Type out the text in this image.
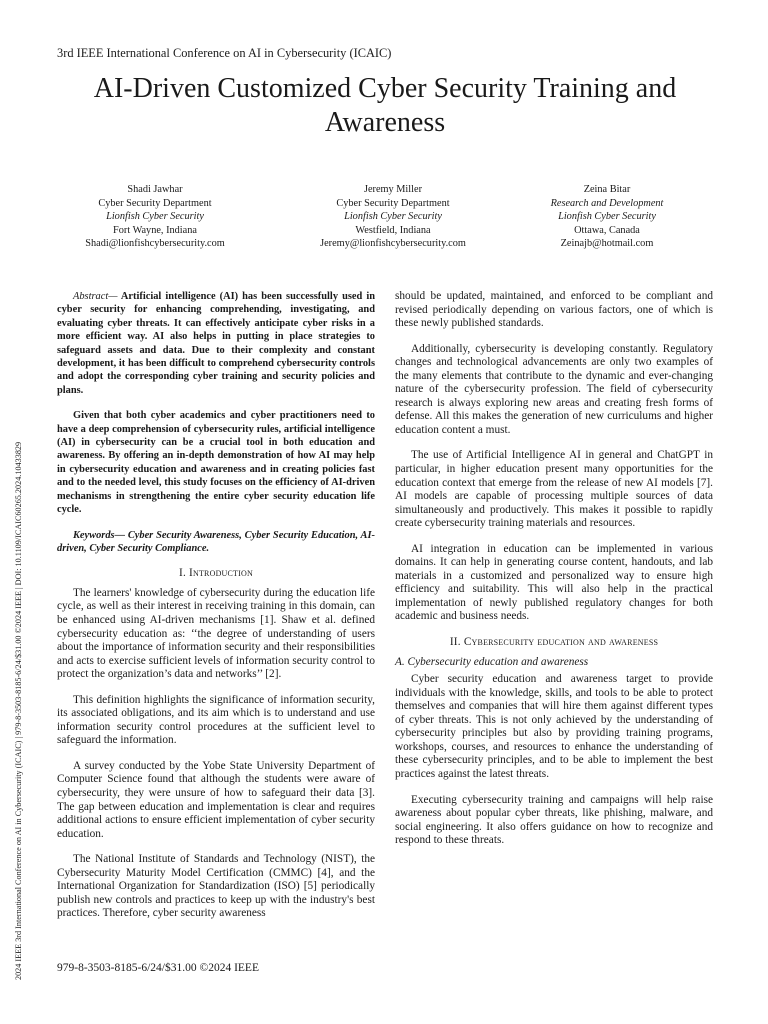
3rd IEEE International Conference on AI in Cybersecurity (ICAIC)
AI-Driven Customized Cyber Security Training and Awareness
2024 IEEE 3rd International Conference on AI in Cybersecurity (ICAIC) | 979-8-3503-8185-6/24/$31.00 ©2024 IEEE | DOI: 10.1109/ICAIC60265.2024.10433829
Shadi Jawhar
Cyber Security Department
Lionfish Cyber Security
Fort Wayne, Indiana
Shadi@lionfishcybersecurity.com
Jeremy Miller
Cyber Security Department
Lionfish Cyber Security
Westfield, Indiana
Jeremy@lionfishcybersecurity.com
Zeina Bitar
Research and Development
Lionfish Cyber Security
Ottawa, Canada
Zeinajb@hotmail.com

Abstract— Artificial intelligence (AI) has been successfully used in cyber security for enhancing comprehending, investigating, and evaluating cyber threats. It can effectively anticipate cyber risks in a more efficient way. AI also helps in putting in place strategies to safeguard assets and data. Due to their complexity and constant development, it has been difficult to comprehend cybersecurity controls and adopt the corresponding cyber training and security policies and plans.

Given that both cyber academics and cyber practitioners need to have a deep comprehension of cybersecurity rules, artificial intelligence (AI) in cybersecurity can be a crucial tool in both education and awareness. By offering an in-depth demonstration of how AI may help in cybersecurity education and awareness and in creating policies fast and to the needed level, this study focuses on the efficiency of AI-driven mechanisms in strengthening the entire cyber security education life cycle.

Keywords— Cyber Security Awareness, Cyber Security Education, AI-driven, Cyber Security Compliance.

I. Introduction

The learners' knowledge of cybersecurity during the education life cycle, as well as their interest in receiving training in this domain, can be enhanced using AI-driven mechanisms [1]. Shaw et al. defined cybersecurity education as: ‘‘the degree of understanding of users about the importance of information security and their responsibilities and acts to exercise sufficient levels of information security control to protect the organization’s data and networks’’ [2].

This definition highlights the significance of information security, its associated obligations, and its aim which is to understand and use information security control procedures at the sufficient level to safeguard the information.

A survey conducted by the Yobe State University Department of Computer Science found that although the students were aware of cybersecurity, they were unsure of how to safeguard their data [3]. The gap between education and implementation is clear and requires additional actions to ensure efficient implementation of cyber security education.

The National Institute of Standards and Technology (NIST), the Cybersecurity Maturity Model Certification (CMMC) [4], and the International Organization for Standardization (ISO) [5] periodically publish new controls and practices to keep up with the industry's best practices. Therefore, cyber security awareness

should be updated, maintained, and enforced to be compliant and revised periodically depending on various factors, one of which is these newly published standards.

Additionally, cybersecurity is developing constantly. Regulatory changes and technological advancements are only two examples of the many elements that contribute to the dynamic and ever-changing nature of the cybersecurity profession. The field of cybersecurity research is always exploring new areas and creating fresh forms of defense. All this makes the generation of new curriculums and higher education content a must.

The use of Artificial Intelligence AI in general and ChatGPT in particular, in higher education present many opportunities for the education context that emerge from the release of new AI models [7]. AI models are capable of processing multiple sources of data simultaneously and productively. This makes it possible to rapidly create cybersecurity training materials and resources.

AI integration in education can be implemented in various domains. It can help in generating course content, handouts, and lab materials in a customized and personalized way to ensure high efficiency and suitability. This will also help in the practical implementation of newly published regulatory changes for both academic and business needs.

II. Cybersecurity education and awareness
A. Cybersecurity education and awareness

Cyber security education and awareness target to provide individuals with the knowledge, skills, and tools to be able to protect themselves and companies that will hire them against different types of cyber threats. This is not only achieved by the understanding of cybersecurity principles but also by providing training programs, workshops, courses, and resources to enhance the understanding of these cybersecurity principles, and to be able to implement the best practices against the latest threats.

Executing cybersecurity training and campaigns will help raise awareness about popular cyber threats, like phishing, malware, and social engineering. It also offers guidance on how to recognize and respond to these threats.

979-8-3503-8185-6/24/$31.00 ©2024 IEEE
